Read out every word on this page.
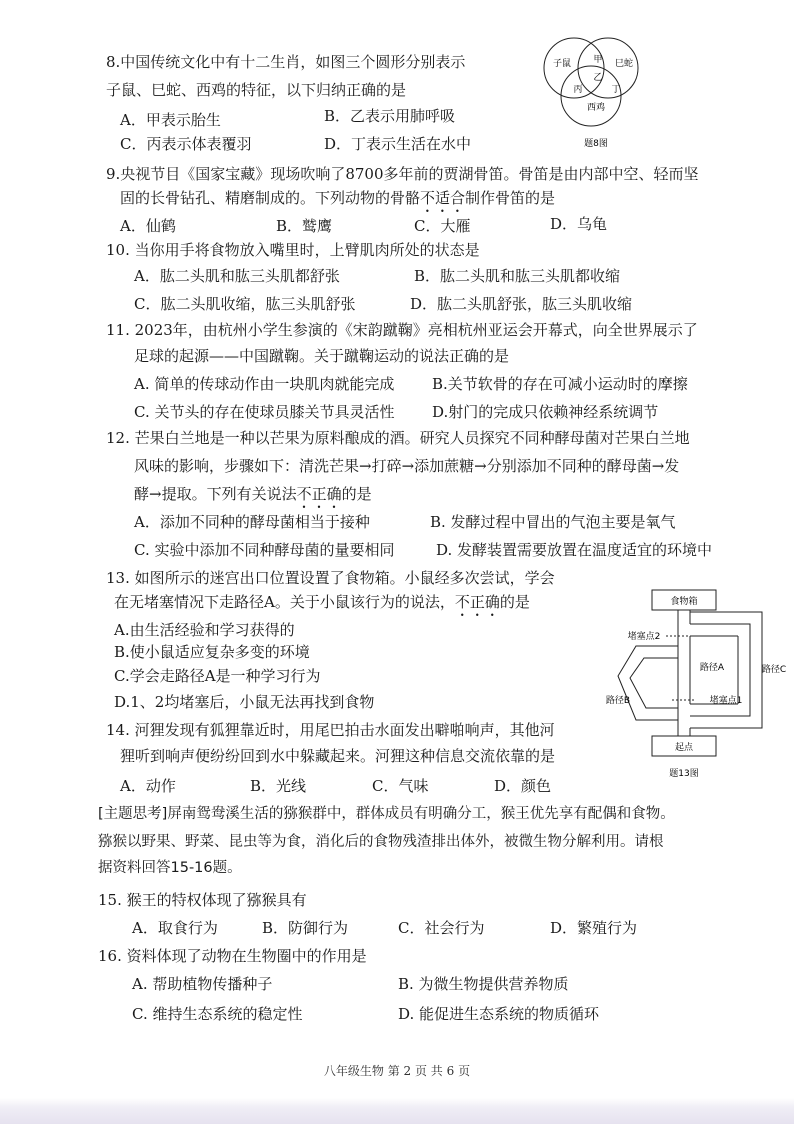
8.中国传统文化中有十二生肖，如图三个圆形分别表示
子鼠、巳蛇、西鸡的特征，以下归纳正确的是
A．甲表示胎生	B．乙表示用肺呼吸
C．丙表示体表覆羽	D．丁表示生活在水中
子鼠	巳蛇
甲
乙
丙	丁
西鸡
题8图
9.央视节目《国家宝藏》现场吹响了8700多年前的贾湖骨笛。骨笛是由内部中空、轻而坚
固的长骨钻孔、精磨制成的。下列动物的骨骼不适合制作骨笛的是
A．仙鹤	B．鹫鹰	C．大雁	D．乌龟
10. 当你用手将食物放入嘴里时，上臂肌肉所处的状态是
A．肱二头肌和肱三头肌都舒张	B．肱二头肌和肱三头肌都收缩
C．肱二头肌收缩，肱三头肌舒张	D．肱二头肌舒张，肱三头肌收缩
11. 2023年，由杭州小学生参演的《宋韵蹴鞠》亮相杭州亚运会开幕式，向全世界展示了
足球的起源——中国蹴鞠。关于蹴鞠运动的说法正确的是
A. 简单的传球动作由一块肌肉就能完成	B.关节软骨的存在可减小运动时的摩擦
C. 关节头的存在使球员膝关节具灵活性	D.射门的完成只依赖神经系统调节
12. 芒果白兰地是一种以芒果为原料酿成的酒。研究人员探究不同种酵母菌对芒果白兰地
风味的影响，步骤如下：清洗芒果→打碎→添加蔗糖→分别添加不同种的酵母菌→发
酵→提取。下列有关说法不正确的是
A．添加不同种的酵母菌相当于接种	B. 发酵过程中冒出的气泡主要是氧气
C. 实验中添加不同种酵母菌的量要相同	D. 发酵装置需要放置在温度适宜的环境中
13. 如图所示的迷宫出口位置设置了食物箱。小鼠经多次尝试，学会
在无堵塞情况下走路径A。关于小鼠该行为的说法，不正确的是
A.由生活经验和学习获得的
B.使小鼠适应复杂多变的环境
C.学会走路径A是一种学习行为
D.1、2均堵塞后，小鼠无法再找到食物
食物箱
起点
堵塞点2
堵塞点1
路径A
路径B
路径C
题13图
14. 河狸发现有狐狸靠近时，用尾巴拍击水面发出噼啪响声，其他河
狸听到响声便纷纷回到水中躲藏起来。河狸这种信息交流依靠的是
A．动作	B．光线	C．气味	D．颜色
[主题思考]屏南鸳鸯溪生活的猕猴群中，群体成员有明确分工，猴王优先享有配偶和食物。
猕猴以野果、野菜、昆虫等为食，消化后的食物残渣排出体外，被微生物分解利用。请根
据资料回答15-16题。
15. 猴王的特权体现了猕猴具有
A．取食行为	B．防御行为	C．社会行为	D．繁殖行为
16. 资料体现了动物在生物圈中的作用是
A. 帮助植物传播种子	B. 为微生物提供营养物质
C. 维持生态系统的稳定性	D. 能促进生态系统的物质循环
八年级生物 第 2 页 共 6 页
